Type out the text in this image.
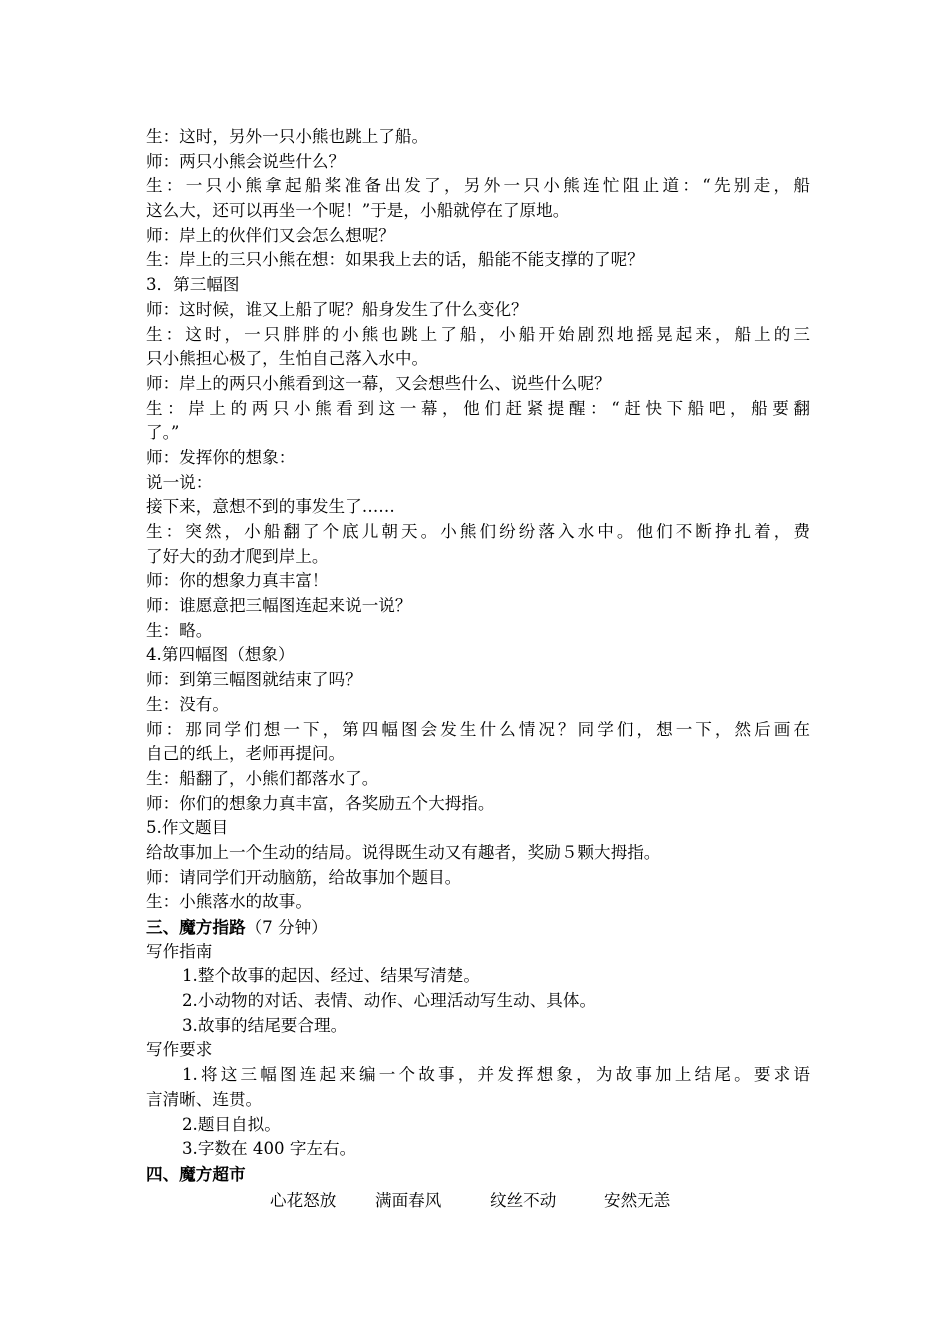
生：这时，另外一只小熊也跳上了船。
师：两只小熊会说些什么？
生：一只小熊拿起船桨准备出发了，另外一只小熊连忙阻止道：“先别走，船
这么大，还可以再坐一个呢！”于是，小船就停在了原地。
师：岸上的伙伴们又会怎么想呢？
生：岸上的三只小熊在想：如果我上去的话，船能不能支撑的了呢？
3．第三幅图
师：这时候，谁又上船了呢？船身发生了什么变化？
生：这时，一只胖胖的小熊也跳上了船，小船开始剧烈地摇晃起来，船上的三
只小熊担心极了，生怕自己落入水中。
师：岸上的两只小熊看到这一幕，又会想些什么、说些什么呢？
生：岸上的两只小熊看到这一幕，他们赶紧提醒：“赶快下船吧，船要翻
了。”
师：发挥你的想象：
说一说：
接下来，意想不到的事发生了……
生：突然，小船翻了个底儿朝天。小熊们纷纷落入水中。他们不断挣扎着，费
了好大的劲才爬到岸上。
师：你的想象力真丰富！
师：谁愿意把三幅图连起来说一说？
生：略。
4.第四幅图（想象）
师：到第三幅图就结束了吗？
生：没有。
师：那同学们想一下，第四幅图会发生什么情况？同学们，想一下，然后画在
自己的纸上，老师再提问。
生：船翻了，小熊们都落水了。
师：你们的想象力真丰富，各奖励五个大拇指。
5.作文题目
给故事加上一个生动的结局。说得既生动又有趣者，奖励５颗大拇指。
师：请同学们开动脑筋，给故事加个题目。
生：小熊落水的故事。
三、魔方指路（7 分钟）
写作指南
1.整个故事的起因、经过、结果写清楚。
2.小动物的对话、表情、动作、心理活动写生动、具体。
3.故事的结尾要合理。
写作要求
1.将这三幅图连起来编一个故事，并发挥想象，为故事加上结尾。要求语
言清晰、连贯。
2.题目自拟。
3.字数在 400 字左右。
四、魔方超市
心花怒放 满面春风	纹丝不动	安然无恙
